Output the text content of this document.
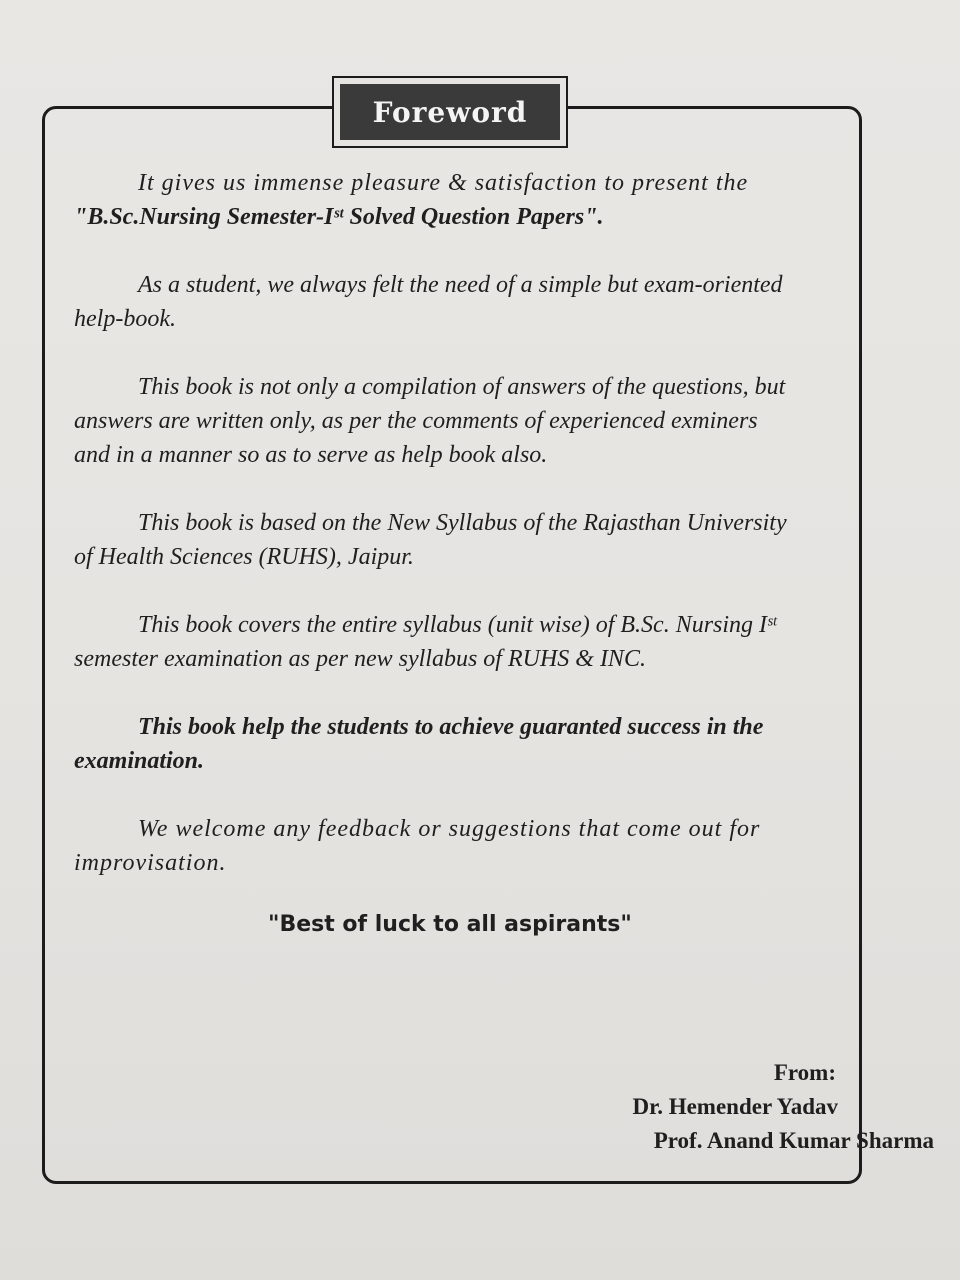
Foreword
It gives us immense pleasure & satisfaction to present the
"B.Sc.Nursing Semester-Iˢᵗ Solved Question Papers".
As a student, we always felt the need of a simple but exam-oriented
help-book.
This book is not only a compilation of answers of the questions, but
answers are written only, as per the comments of experienced exminers
and in a manner so as to serve as help book also.
This book is based on the New Syllabus of the Rajasthan University
of Health Sciences (RUHS), Jaipur.
This book covers the entire syllabus (unit wise) of B.Sc. Nursing Iˢᵗ
semester examination as per new syllabus of RUHS & INC.
This book help the students to achieve guaranted success in the
examination.
We welcome any feedback or suggestions that come out for
improvisation.
"Best of luck to all aspirants"
From:
Dr. Hemender Yadav
Prof. Anand Kumar Sharma
